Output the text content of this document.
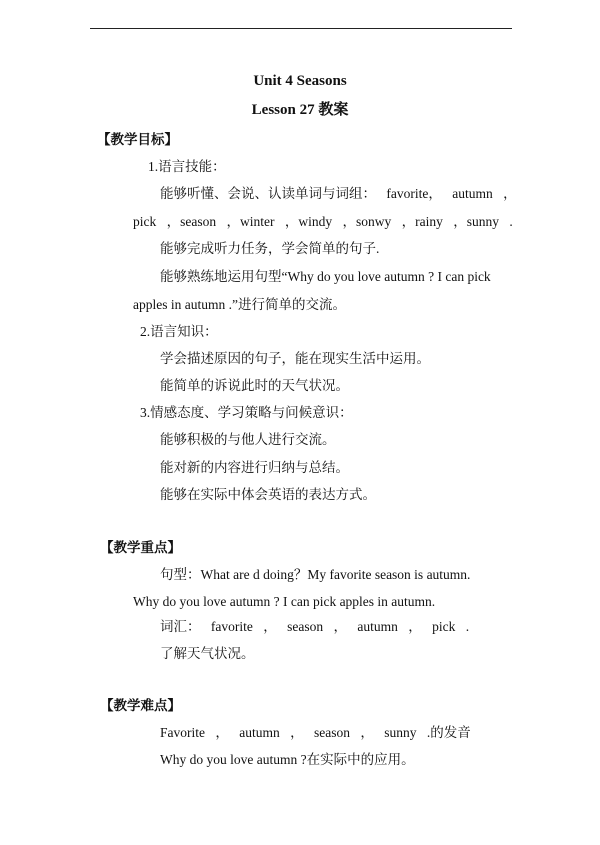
Unit 4 Seasons
Lesson 27 教案
【教学目标】
1.语言技能：
能够听懂、会说、认读单词与词组： favorite， autumn ，
pick ，season ，winter ，windy ，sonwy ，rainy ，sunny .
能够完成听力任务，学会简单的句子.
能够熟练地运用句型“Why do you love autumn ? I can pick
apples in autumn .”进行简单的交流。
2.语言知识：
学会描述原因的句子，能在现实生活中运用。
能简单的诉说此时的天气状况。
3.情感态度、学习策略与问候意识：
能够积极的与他人进行交流。
能对新的内容进行归纳与总结。
能够在实际中体会英语的表达方式。
【教学重点】
句型：What are d doing？My favorite season is autumn.
Why do you love autumn ? I can pick apples in autumn.
词汇： favorite ， season ， autumn ， pick .
了解天气状况。
【教学难点】
Favorite ， autumn ， season ， sunny .的发音
Why do you love autumn ?在实际中的应用。
